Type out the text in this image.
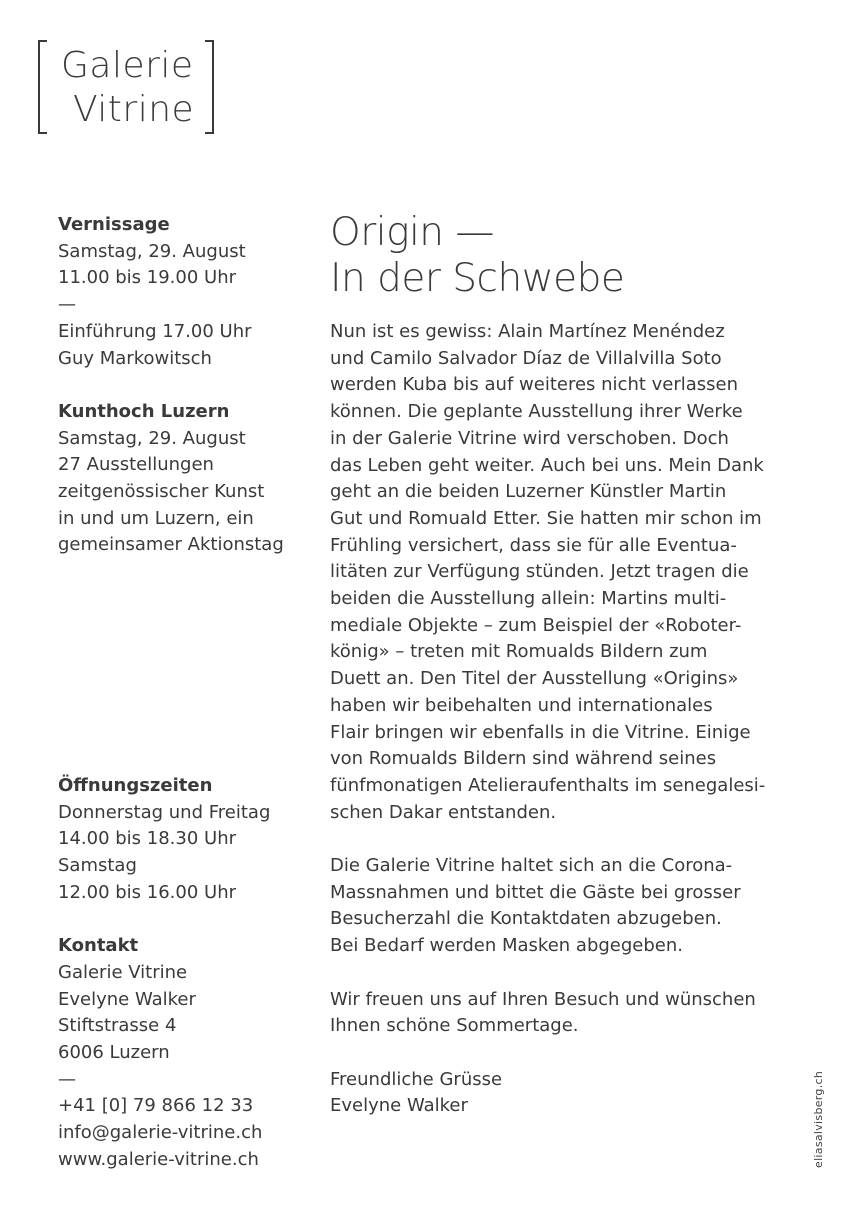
Galerie
Vitrine
Vernissage
Samstag, 29. August
11.00 bis 19.00 Uhr
—
Einführung 17.00 Uhr
Guy Markowitsch
Kunthoch Luzern
Samstag, 29. August
27 Ausstellungen
zeitgenössischer Kunst
in und um Luzern, ein
gemeinsamer Aktionstag
Öffnungszeiten
Donnerstag und Freitag
14.00 bis 18.30 Uhr
Samstag
12.00 bis 16.00 Uhr
Kontakt
Galerie Vitrine
Evelyne Walker
Stiftstrasse 4
6006 Luzern
—
+41 [0] 79 866 12 33
info@galerie-vitrine.ch
www.galerie-vitrine.ch
Origin —
In der Schwebe
Nun ist es gewiss: Alain Martínez Menéndez
und Camilo Salvador Díaz de Villalvilla Soto
werden Kuba bis auf weiteres nicht verlassen
können. Die geplante Ausstellung ihrer Werke
in der Galerie Vitrine wird verschoben. Doch
das Leben geht weiter. Auch bei uns. Mein Dank
geht an die beiden Luzerner Künstler Martin
Gut und Romuald Etter. Sie hatten mir schon im
Frühling versichert, dass sie für alle Eventua-
litäten zur Verfügung stünden. Jetzt tragen die
beiden die Ausstellung allein: Martins multi-
mediale Objekte – zum Beispiel der «Roboter-
könig» – treten mit Romualds Bildern zum
Duett an. Den Titel der Ausstellung «Origins»
haben wir beibehalten und internationales
Flair bringen wir ebenfalls in die Vitrine. Einige
von Romualds Bildern sind während seines
fünfmonatigen Atelieraufenthalts im senegalesi-
schen Dakar entstanden.
Die Galerie Vitrine haltet sich an die Corona-
Massnahmen und bittet die Gäste bei grosser
Besucherzahl die Kontaktdaten abzugeben.
Bei Bedarf werden Masken abgegeben.
Wir freuen uns auf Ihren Besuch und wünschen
Ihnen schöne Sommertage.
Freundliche Grüsse
Evelyne Walker	eliasalvisberg.ch
